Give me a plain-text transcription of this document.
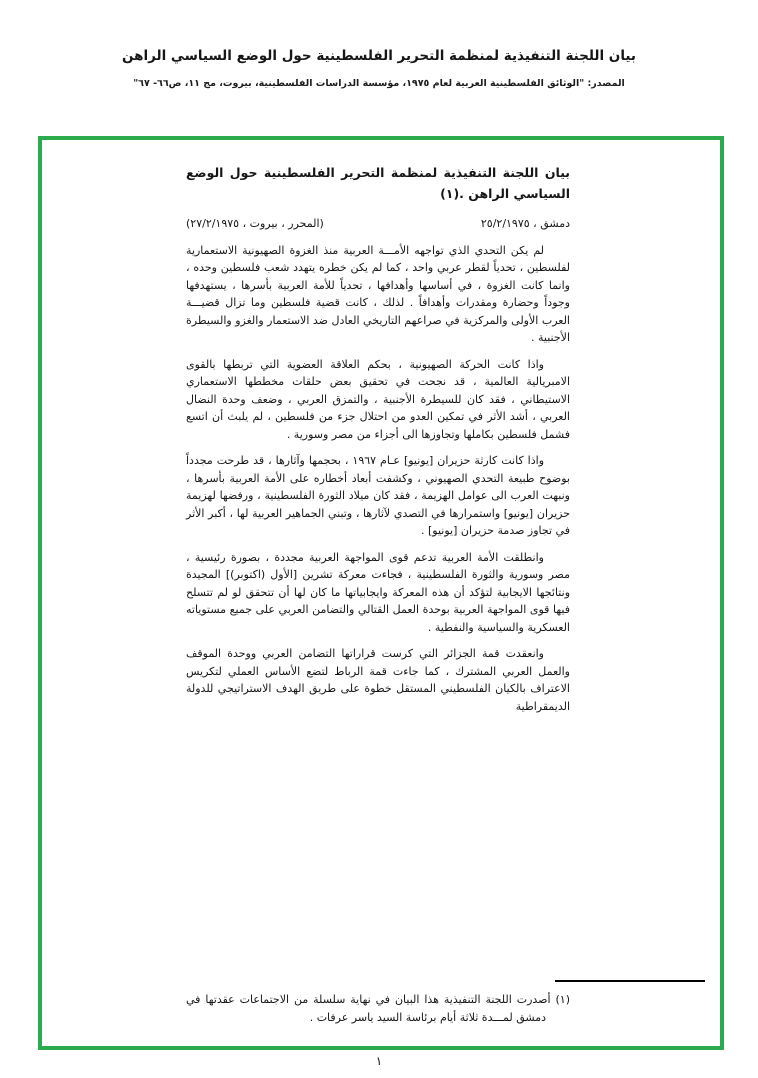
بيان اللجنة التنفيذية لمنظمة التحرير الفلسطينية حول الوضع السياسي الراهن
المصدر: "الوثائق الفلسطينية العربية لعام ١٩٧٥، مؤسسة الدراسات الفلسطينية، بيروت، مج ١١، ص٦٦- ٦٧"
بيان اللجنة التنفيذية لمنظمة التحرير الفلسطينية حول الوضع السياسي الراهن .(١)
دمشق ، ٢٥/٢/١٩٧٥
(المحرر ، بيروت ، ٢٧/٢/١٩٧٥)
لم يكن التحدي الذي تواجهه الأمـــة العربية منذ الغزوة الصهيونية الاستعمارية لفلسطين ، تحدياً لقطر عربي واحد ، كما لم يكن خطره يتهدد شعب فلسطين وحده ، وانما كانت الغزوة ، في أساسها وأهدافها ، تحدياً للأمة العربية بأسرها ، يستهدفها وجوداً وحضارة ومقدرات وأهدافاً . لذلك ، كانت قضية فلسطين وما تزال قضيـــة العرب الأولى والمركزية في صراعهم التاريخي العادل ضد الاستعمار والغزو والسيطرة الأجنبية .
واذا كانت الحركة الصهيونية ، بحكم العلاقة العضوية التي تربطها بالقوى الامبريالية العالمية ، قد نجحت في تحقيق بعض حلقات مخططها الاستعماري الاستيطاني ، فقد كان للسيطرة الأجنبية ، والتمزق العربي ، وضعف وحدة النضال العربي ، أشد الأثر في تمكين العدو من احتلال جزء من فلسطين ، لم يلبث أن اتسع فشمل فلسطين بكاملها وتجاوزها الى أجزاء من مصر وسورية .
واذا كانت كارثة حزيران [يونيو] عـام ١٩٦٧ ، بحجمها وآثارها ، قد طرحت مجدداً بوضوح طبيعة التحدي الصهيوني ، وكشفت أبعاد أخطاره على الأمة العربية بأسرها ، ونبهت العرب الى عوامل الهزيمة ، فقد كان ميلاد الثورة الفلسطينية ، ورفضها لهزيمة حزيران [يونيو] واستمرارها في التصدي لآثارها ، وتبني الجماهير العربية لها ، أكبر الأثر في تجاوز صدمة حزيران [يونيو] .
وانطلقت الأمة العربية تدعم قوى المواجهة العربية مجددة ، بصورة رئيسية ، مصر وسورية والثورة الفلسطينية ، فجاءت معركة تشرين [الأول (اكتوبر)] المجيدة ونتائجها الايجابية لتؤكد أن هذه المعركة وايجابياتها ما كان لها أن تتحقق لو لم تتسلح فيها قوى المواجهة العربية بوحدة العمل القتالي والتضامن العربي على جميع مستوياته العسكرية والسياسية والنفطية .
وانعقدت قمة الجزائر التي كرست قراراتها التضامن العربي ووحدة الموقف والعمل العربي المشترك ، كما جاءت قمة الرباط لتضع الأساس العملي لتكريس الاعتراف بالكيان الفلسطيني المستقل خطوة على طريق الهدف الاستراتيجي للدولة الديمقراطية
(١) أصدرت اللجنة التنفيذية هذا البيان في نهاية سلسلة من الاجتماعات عقدتها في دمشق لمـــدة ثلاثة أيام برئاسة السيد ياسر عرفات .
١
